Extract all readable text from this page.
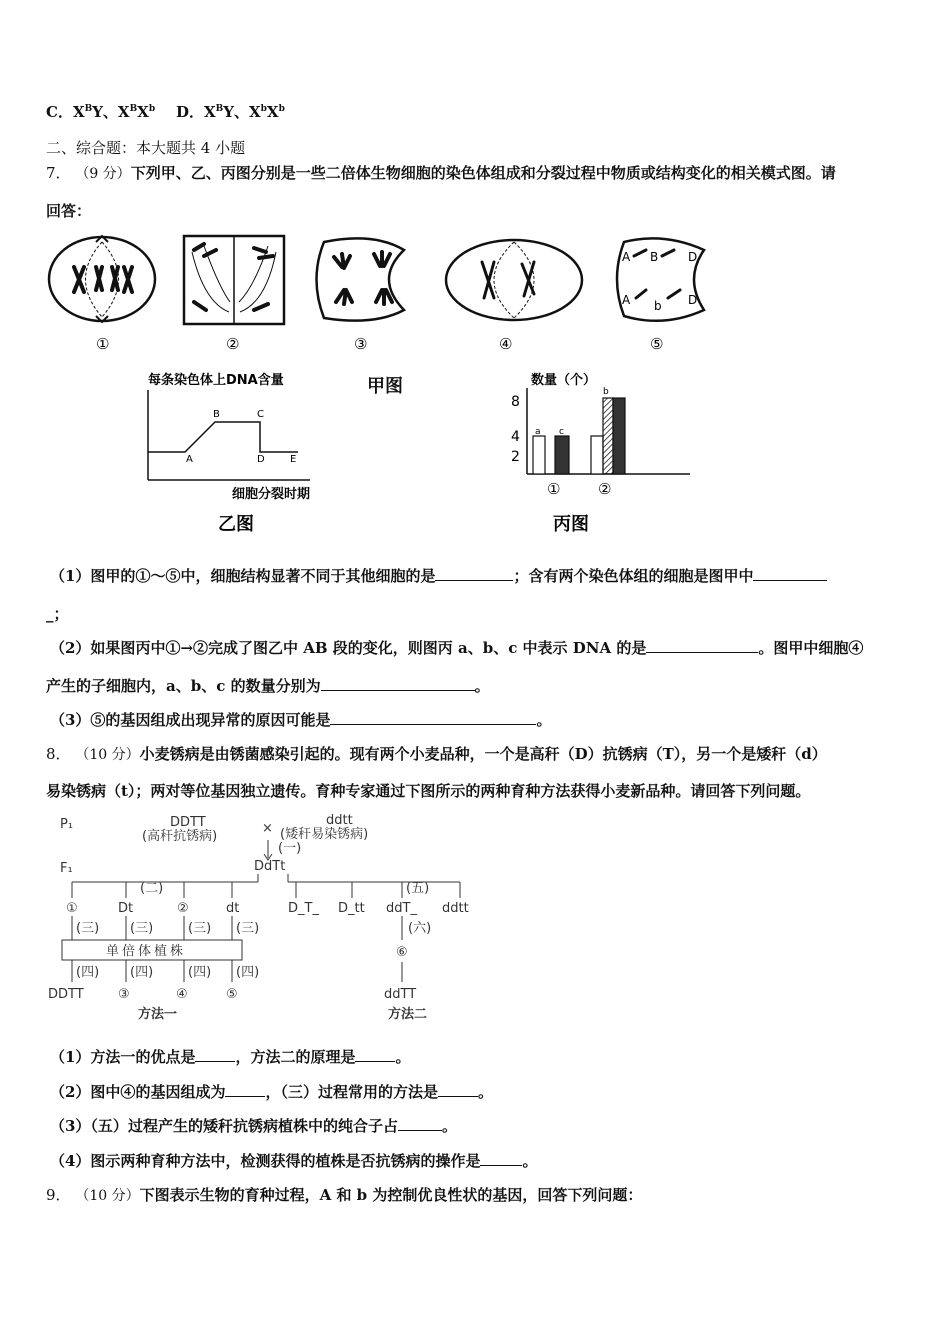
C．$X^BY$、$X^BX^b$ D．$X^BY$、$X^bX^b$
二、综合题：本大题共 4 小题
7． （9 分）下列甲、乙、丙图分别是一些二倍体生物细胞的染色体组成和分裂过程中物质或结构变化的相关模式图。请
回答：
①	②	③	④
A B D
A b D
⑤
每条染色体上DNA含量
A
B	C
D	E
细胞分裂时期
乙图
甲图	数量（个）
8
4
2
a c
b
①	②
丙图
（1）图甲的①～⑤中，细胞结构显著不同于其他细胞的是	；含有两个染色体组的细胞是图甲中
_；
（2）如果图丙中①→②完成了图乙中 AB 段的变化，则图丙 a、b、c 中表示 DNA 的是	。图甲中细胞④
产生的子细胞内，a、b、c 的数量分别为	。
（3）⑤的基因组成出现异常的原因可能是	。
8． （10 分）小麦锈病是由锈菌感染引起的。现有两个小麦品种，一个是高秆（D）抗锈病（T），另一个是矮秆（d）
易染锈病（t）；两对等位基因独立遗传。育种专家通过下图所示的两种育种方法获得小麦新品种。请回答下列问题。
P₁
F₁
DDTT
(高秆抗锈病)
×
ddtt
(矮秆易染锈病)
(一)
DdTt
(二)
①	Dt	②	dt
(三) (三)	(三) (三)
单倍体植株
(四) (四)	(四) (四)
DDTT	③	④	⑤
方法一
(五)
D_T_ D_tt ddT_ ddtt
(六)
⑥
ddTT
方法二
（1）方法一的优点是	，方法二的原理是	。
（2）图中④的基因组成为	，（三）过程常用的方法是	。
（3）（五）过程产生的矮秆抗锈病植株中的纯合子占	。
（4）图示两种育种方法中，检测获得的植株是否抗锈病的操作是	。
9． （10 分）下图表示生物的育种过程，A 和 b 为控制优良性状的基因，回答下列问题：
